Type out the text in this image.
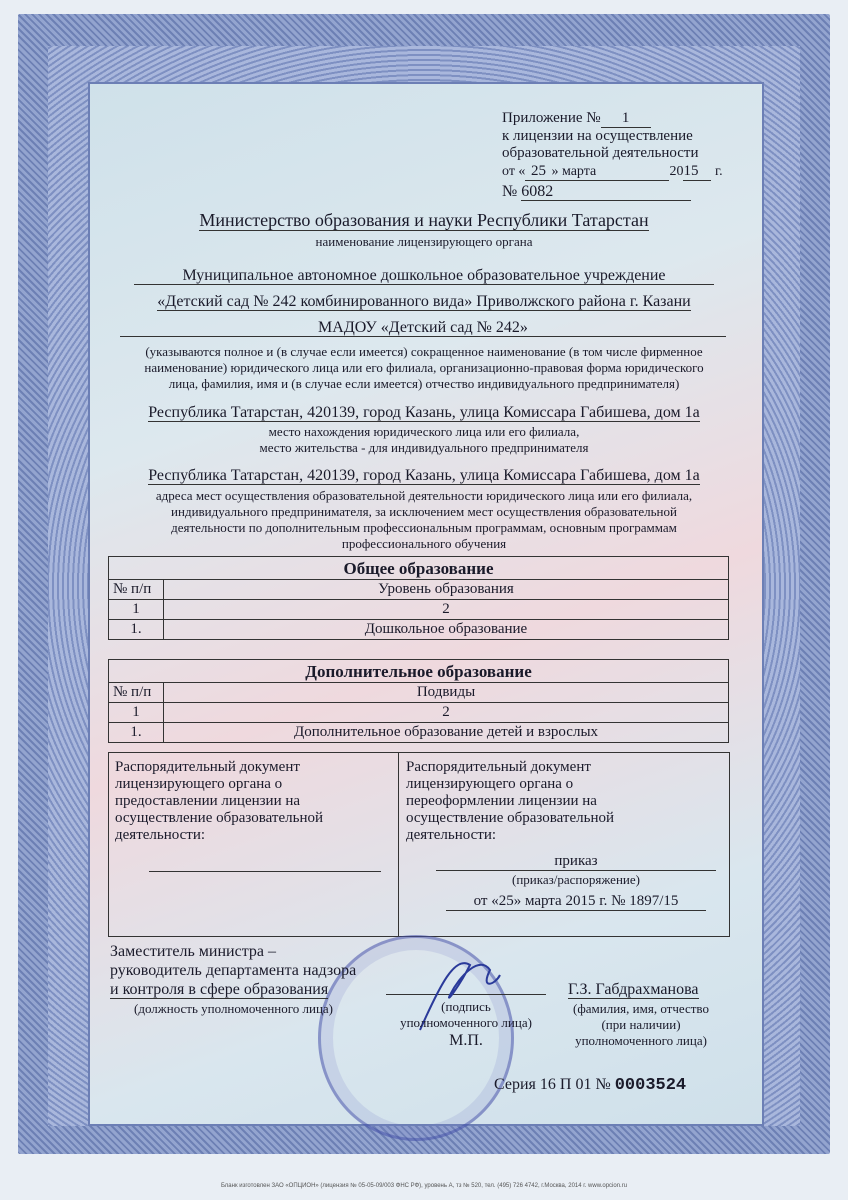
Приложение № 1
к лицензии на осуществление
образовательной деятельности
от « 25 » марта	2015 г.
№ 6082
Министерство образования и науки Республики Татарстан
наименование лицензирующего органа
Муниципальное автономное дошкольное образовательное учреждение
«Детский сад № 242 комбинированного вида» Приволжского района г. Казани
МАДОУ «Детский сад № 242»
(указываются полное и (в случае если имеется) сокращенное наименование (в том числе фирменное
наименование) юридического лица или его филиала, организационно-правовая форма юридического
лица, фамилия, имя и (в случае если имеется) отчество индивидуального предпринимателя)
Республика Татарстан, 420139, город Казань, улица Комиссара Габишева, дом 1а
место нахождения юридического лица или его филиала,
место жительства - для индивидуального предпринимателя
Республика Татарстан, 420139, город Казань, улица Комиссара Габишева, дом 1а
адреса мест осуществления образовательной деятельности юридического лица или его филиала,
индивидуального предпринимателя, за исключением мест осуществления образовательной
деятельности по дополнительным профессиональным программам, основным программам
профессионального обучения
Общее образование	
№ п/п	Уровень образования
1	2
1.	Дошкольное образование
Дополнительное образование	
№ п/п	Подвиды
1	2
1.	Дополнительное образование детей и взрослых
Распорядительный документ
лицензирующего органа о
предоставлении лицензии на
осуществление образовательной
деятельности:
Распорядительный документ
лицензирующего органа о
переоформлении лицензии на
осуществление образовательной
деятельности:
приказ
(приказ/распоряжение)
от «25» марта 2015 г. № 1897/15
Заместитель министра –
руководитель департамента надзора
и контроля в сфере образования
(должность уполномоченного лица)	(подпись
уполномоченного лица)
М.П.
Г.З. Габдрахманова
(фамилия, имя, отчество
(при наличии)
уполномоченного лица)
Серия 16 П 01 № 0003524
Бланк изготовлен ЗАО «ОПЦИОН» (лицензия № 05-05-09/003 ФНС РФ), уровень А, тз № 520, тел. (495) 726 4742, г.Москва, 2014 г. www.opcion.ru
